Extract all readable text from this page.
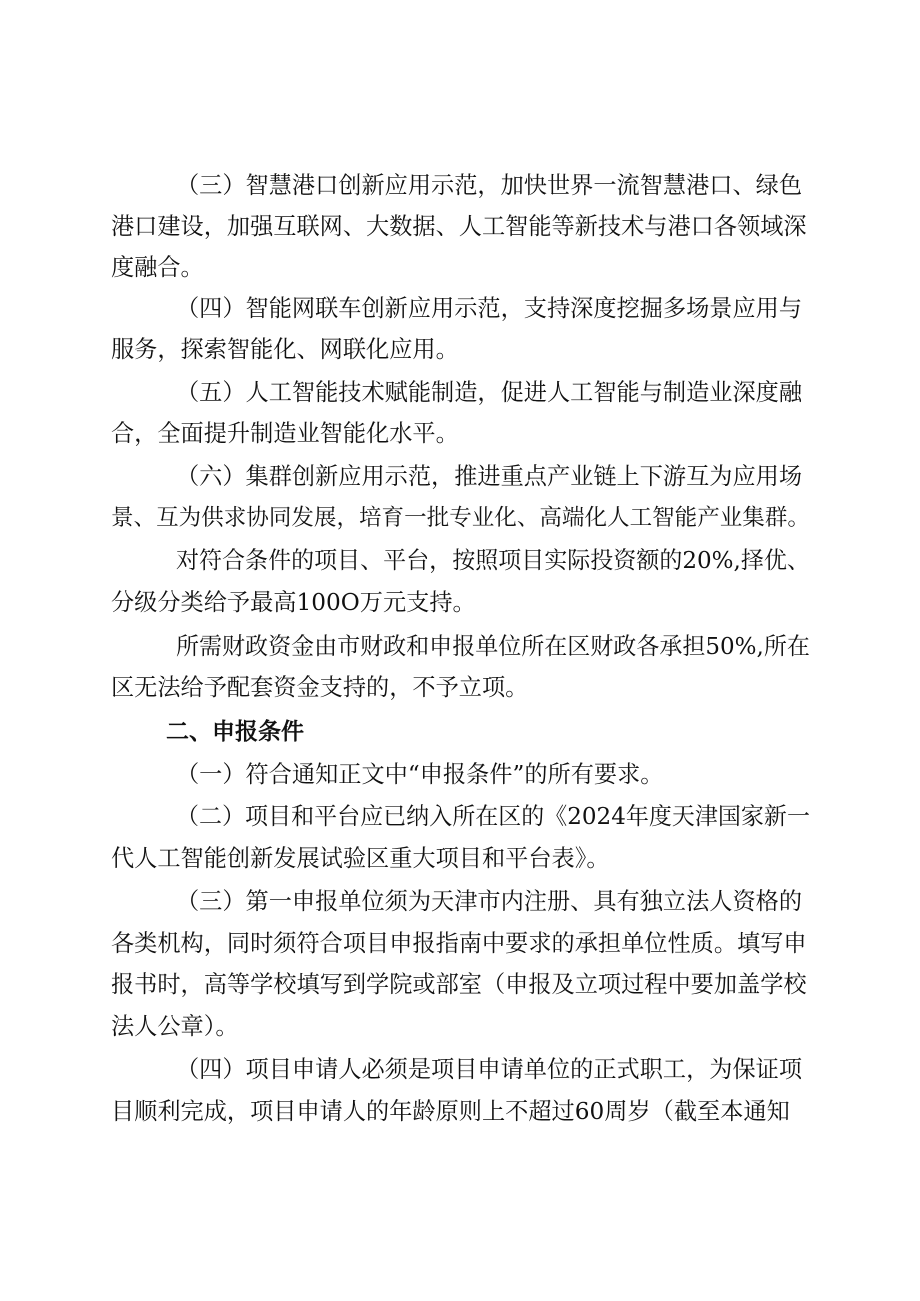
（三）智慧港口创新应用示范，加快世界一流智慧港口、绿色
港口建设，加强互联网、大数据、人工智能等新技术与港口各领域深
度融合。
（四）智能网联车创新应用示范，支持深度挖掘多场景应用与
服务，探索智能化、网联化应用。
（五）人工智能技术赋能制造，促进人工智能与制造业深度融
合，全面提升制造业智能化水平。
（六）集群创新应用示范，推进重点产业链上下游互为应用场
景、互为供求协同发展，培育一批专业化、高端化人工智能产业集群。
对符合条件的项目、平台，按照项目实际投资额的20%,择优、
分级分类给予最高100O万元支持。
所需财政资金由市财政和申报单位所在区财政各承担50%,所在
区无法给予配套资金支持的，不予立项。
二、申报条件
（一）符合通知正文中“申报条件”的所有要求。
（二）项目和平台应已纳入所在区的《2024年度天津国家新一
代人工智能创新发展试验区重大项目和平台表》。
（三）第一申报单位须为天津市内注册、具有独立法人资格的
各类机构，同时须符合项目申报指南中要求的承担单位性质。填写申
报书时，高等学校填写到学院或部室（申报及立项过程中要加盖学校
法人公章）。
（四）项目申请人必须是项目申请单位的正式职工，为保证项
目顺利完成，项目申请人的年龄原则上不超过60周岁（截至本通知
